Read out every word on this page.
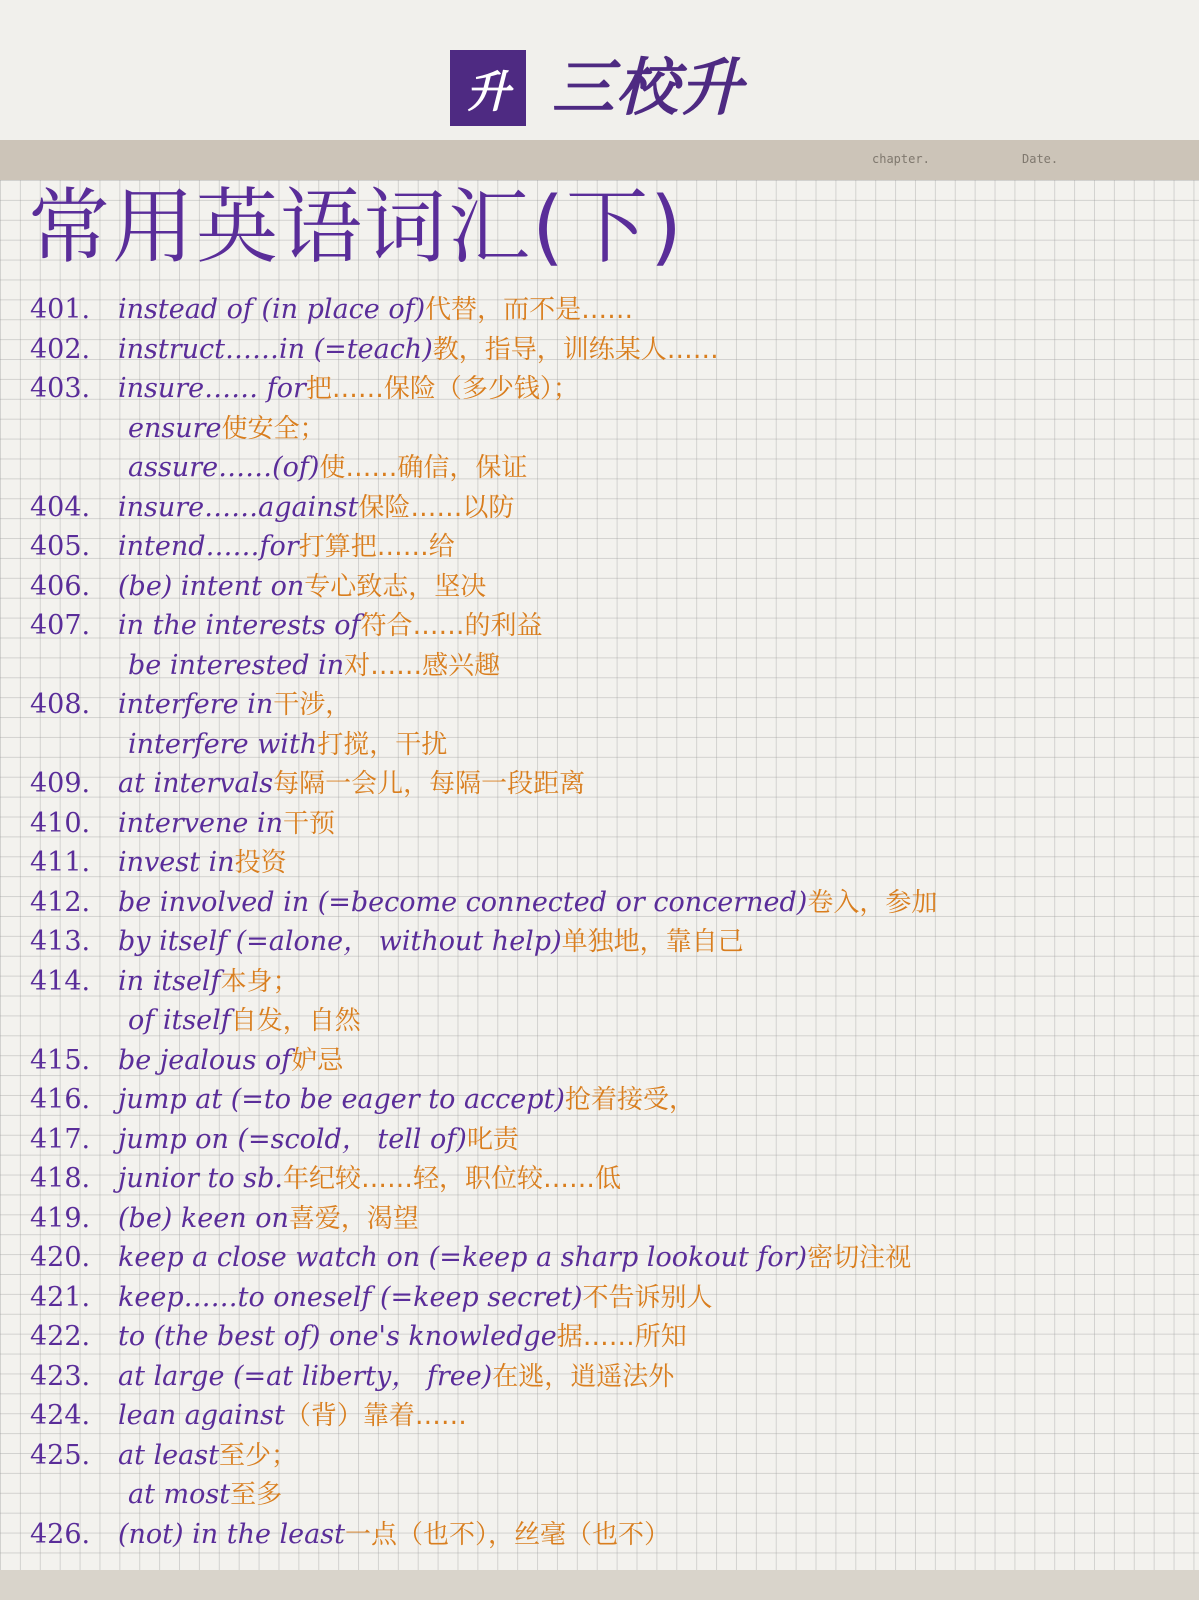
升 三校升
chapter.	Date.
常用英语词汇(下)
401. instead of (in place of)代替，而不是……
402. instruct……in (=teach)教，指导，训练某人……
403. insure…… for把……保险（多少钱）；
ensure使安全；
assure……(of)使……确信，保证
404. insure……against保险……以防
405. intend……for打算把……给
406. (be) intent on专心致志，坚决
407. in the interests of符合……的利益
be interested in对……感兴趣
408. interfere in干涉，
interfere with打搅，干扰
409. at intervals每隔一会儿，每隔一段距离
410. intervene in干预
411. invest in投资
412. be involved in (=become connected or concerned)卷入，参加
413. by itself (=alone， without help)单独地，靠自己
414. in itself本身；
of itself自发，自然
415. be jealous of妒忌
416. jump at (=to be eager to accept)抢着接受，
417. jump on (=scold， tell of)叱责
418. junior to sb.年纪较……轻，职位较……低
419. (be) keen on喜爱，渴望
420. keep a close watch on (=keep a sharp lookout for)密切注视
421. keep……to oneself (=keep secret)不告诉别人
422. to (the best of) one's knowledge据……所知
423. at large (=at liberty， free)在逃，逍遥法外
424. lean against（背）靠着……
425. at least至少；
at most至多
426. (not) in the least一点（也不），丝毫（也不）
